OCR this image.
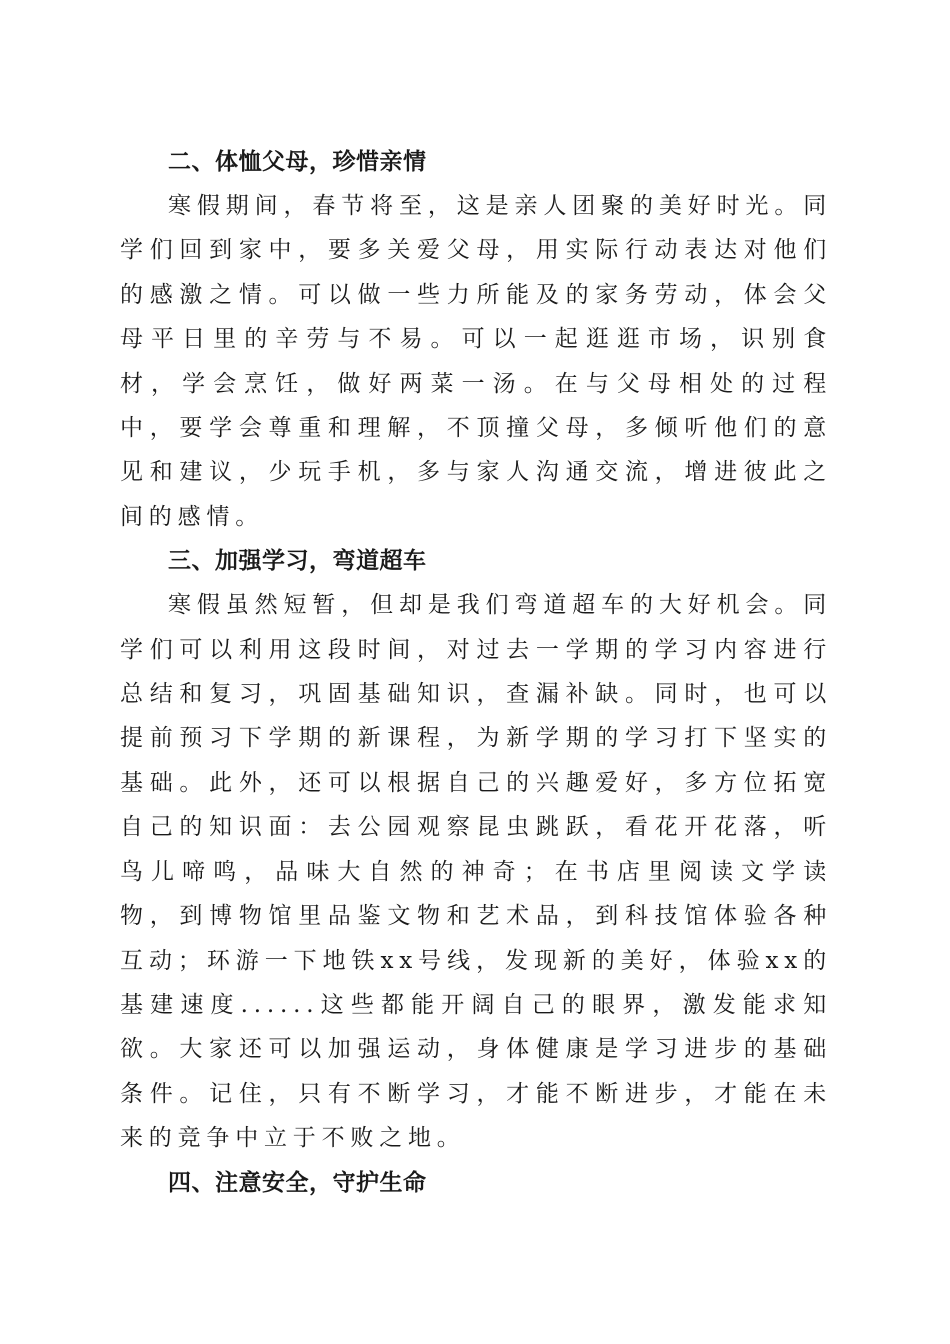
二、体恤父母，珍惜亲情

寒假期间，春节将至，这是亲人团聚的美好时光。同学们回到家中，要多关爱父母，用实际行动表达对他们的感激之情。可以做一些力所能及的家务劳动，体会父母平日里的辛劳与不易。可以一起逛逛市场，识别食材，学会烹饪，做好两菜一汤。在与父母相处的过程中，要学会尊重和理解，不顶撞父母，多倾听他们的意见和建议，少玩手机，多与家人沟通交流，增进彼此之间的感情。

三、加强学习，弯道超车

寒假虽然短暂，但却是我们弯道超车的大好机会。同学们可以利用这段时间，对过去一学期的学习内容进行总结和复习，巩固基础知识，查漏补缺。同时，也可以提前预习下学期的新课程，为新学期的学习打下坚实的基础。此外，还可以根据自己的兴趣爱好，多方位拓宽自己的知识面：去公园观察昆虫跳跃，看花开花落，听鸟儿啼鸣，品味大自然的神奇；在书店里阅读文学读物，到博物馆里品鉴文物和艺术品，到科技馆体验各种互动；环游一下地铁xx号线，发现新的美好，体验xx的基建速度......这些都能开阔自己的眼界，激发能求知欲。大家还可以加强运动，身体健康是学习进步的基础条件。记住，只有不断学习，才能不断进步，才能在未来的竞争中立于不败之地。

四、注意安全，守护生命
